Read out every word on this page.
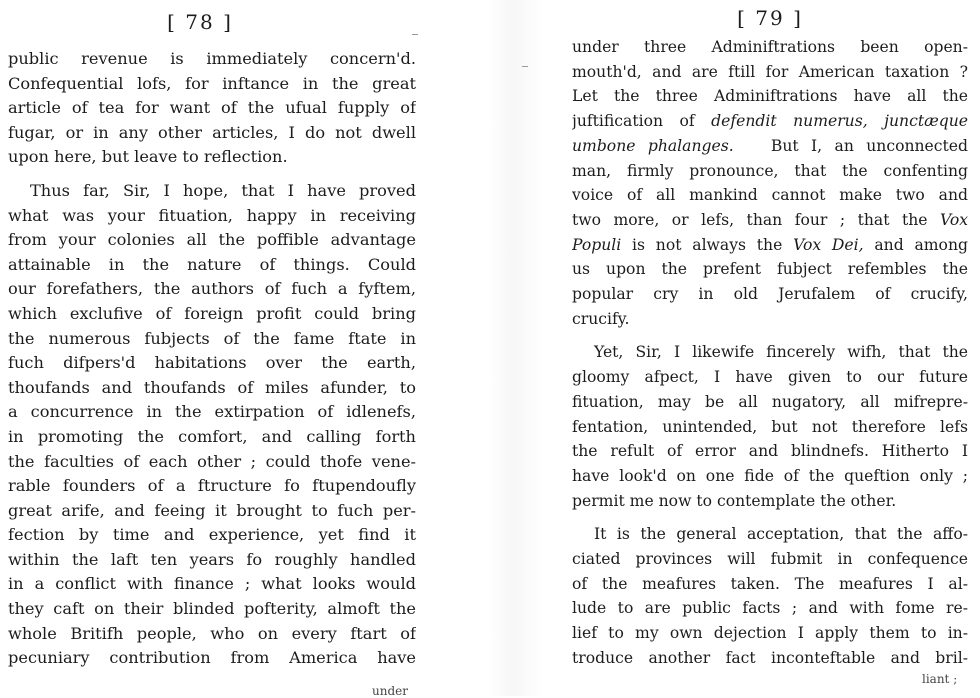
[ 78 ]
public revenue is immediately concern'd.
Confequential lofs, for inftance in the great
article of tea for want of the ufual fupply of
fugar, or in any other articles, I do not dwell
upon here, but leave to reflection.
Thus far, Sir, I hope, that I have proved
what was your fituation, happy in receiving
from your colonies all the poffible advantage
attainable in the nature of things. Could
our forefathers, the authors of fuch a fyftem,
which exclufive of foreign profit could bring
the numerous fubjects of the fame ftate in
fuch difpers'd habitations over the earth,
thoufands and thoufands of miles afunder, to
a concurrence in the extirpation of idlenefs,
in promoting the comfort, and calling forth
the faculties of each other ; could thofe vene-
rable founders of a ftructure fo ftupendoufly
great arife, and feeing it brought to fuch per-
fection by time and experience, yet find it
within the laft ten years fo roughly handled
in a conflict with finance ; what looks would
they caft on their blinded pofterity, almoft the
whole Britifh people, who on every ftart of
pecuniary contribution from America have
under
[ 79 ]
under three Adminiftrations been open-
mouth'd, and are ftill for American taxation ?
Let the three Adminiftrations have all the
juftification of defendit numerus, junctæque
umbone phalanges. But I, an unconnected
man, firmly pronounce, that the confenting
voice of all mankind cannot make two and
two more, or lefs, than four ; that the Vox
Populi is not always the Vox Dei, and among
us upon the prefent fubject refembles the
popular cry in old Jerufalem of crucify,
crucify.
Yet, Sir, I likewife fincerely wifh, that the
gloomy afpect, I have given to our future
fituation, may be all nugatory, all mifrepre-
fentation, unintended, but not therefore lefs
the refult of error and blindnefs. Hitherto I
have look'd on one fide of the queftion only ;
permit me now to contemplate the other.
It is the general acceptation, that the affo-
ciated provinces will fubmit in confequence
of the meafures taken. The meafures I al-
lude to are public facts ; and with fome re-
lief to my own dejection I apply them to in-
troduce another fact inconteftable and bril-
liant ;
